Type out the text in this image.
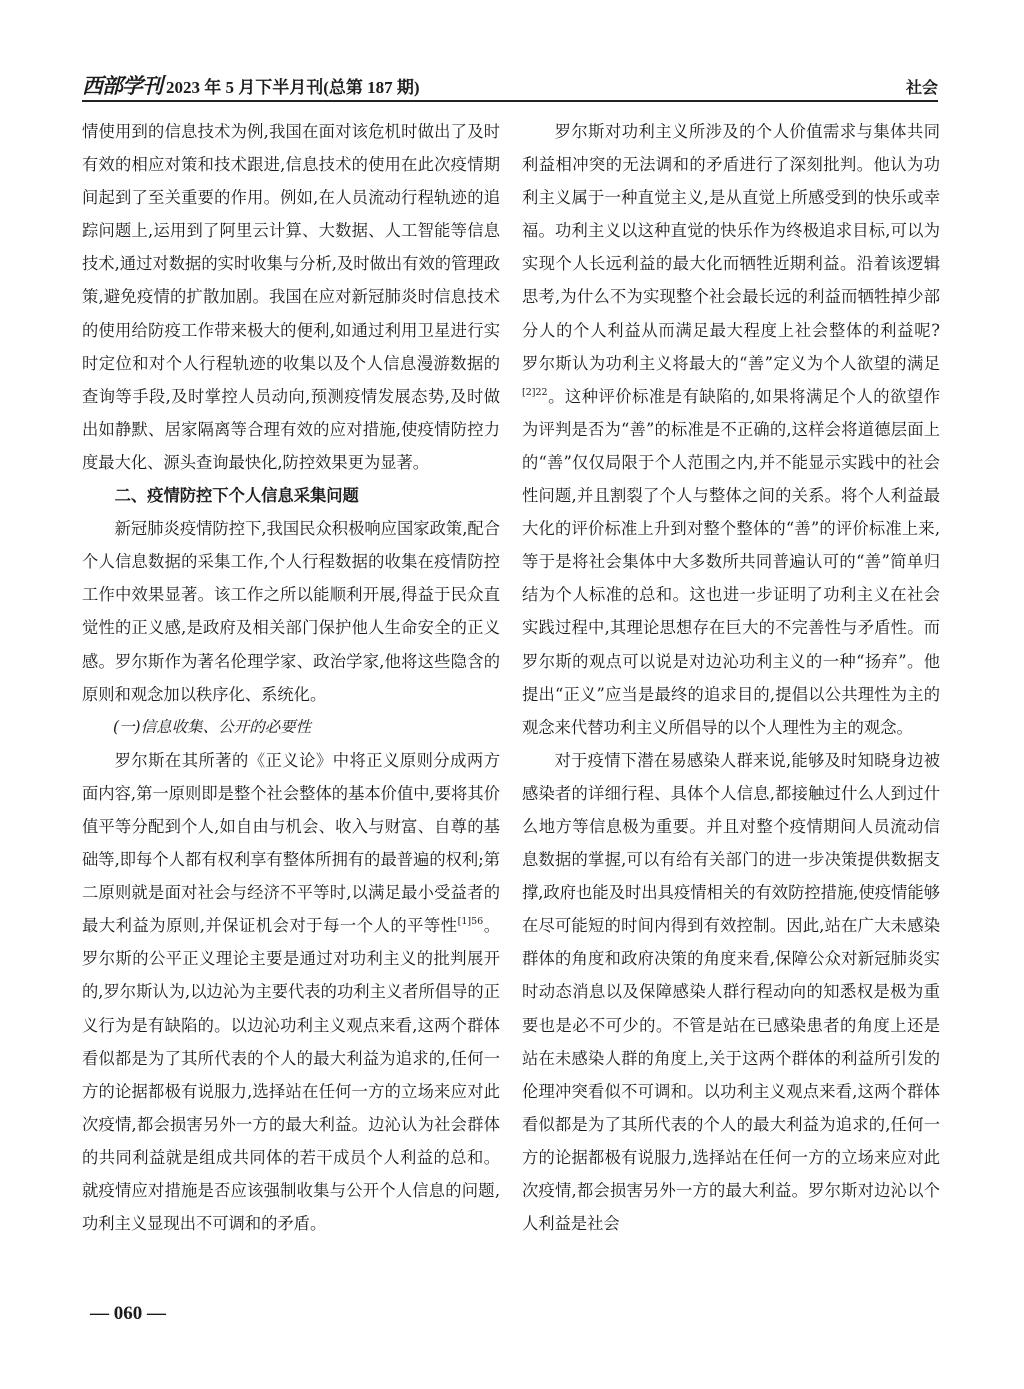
西部学刊 2023 年 5 月下半月刊(总第 187 期)	社会

情使用到的信息技术为例,我国在面对该危机时做出了及时有效的相应对策和技术跟进,信息技术的使用在此次疫情期间起到了至关重要的作用。例如,在人员流动行程轨迹的追踪问题上,运用到了阿里云计算、大数据、人工智能等信息技术,通过对数据的实时收集与分析,及时做出有效的管理政策,避免疫情的扩散加剧。我国在应对新冠肺炎时信息技术的使用给防疫工作带来极大的便利,如通过利用卫星进行实时定位和对个人行程轨迹的收集以及个人信息漫游数据的查询等手段,及时掌控人员动向,预测疫情发展态势,及时做出如静默、居家隔离等合理有效的应对措施,使疫情防控力度最大化、源头查询最快化,防控效果更为显著。

二、疫情防控下个人信息采集问题

新冠肺炎疫情防控下,我国民众积极响应国家政策,配合个人信息数据的采集工作,个人行程数据的收集在疫情防控工作中效果显著。该工作之所以能顺利开展,得益于民众直觉性的正义感,是政府及相关部门保护他人生命安全的正义感。罗尔斯作为著名伦理学家、政治学家,他将这些隐含的原则和观念加以秩序化、系统化。

(一)信息收集、公开的必要性

罗尔斯在其所著的《正义论》中将正义原则分成两方面内容,第一原则即是整个社会整体的基本价值中,要将其价值平等分配到个人,如自由与机会、收入与财富、自尊的基础等,即每个人都有权利享有整体所拥有的最普遍的权利;第二原则就是面对社会与经济不平等时,以满足最小受益者的最大利益为原则,并保证机会对于每一个人的平等性$^{[1]56}$。罗尔斯的公平正义理论主要是通过对功利主义的批判展开的,罗尔斯认为,以边沁为主要代表的功利主义者所倡导的正义行为是有缺陷的。以边沁功利主义观点来看,这两个群体看似都是为了其所代表的个人的最大利益为追求的,任何一方的论据都极有说服力,选择站在任何一方的立场来应对此次疫情,都会损害另外一方的最大利益。边沁认为社会群体的共同利益就是组成共同体的若干成员个人利益的总和。就疫情应对措施是否应该强制收集与公开个人信息的问题,功利主义显现出不可调和的矛盾。

罗尔斯对功利主义所涉及的个人价值需求与集体共同利益相冲突的无法调和的矛盾进行了深刻批判。他认为功利主义属于一种直觉主义,是从直觉上所感受到的快乐或幸福。功利主义以这种直觉的快乐作为终极追求目标,可以为实现个人长远利益的最大化而牺牲近期利益。沿着该逻辑思考,为什么不为实现整个社会最长远的利益而牺牲掉少部分人的个人利益从而满足最大程度上社会整体的利益呢? 罗尔斯认为功利主义将最大的“善”定义为个人欲望的满足$^{[2]22}$。这种评价标准是有缺陷的,如果将满足个人的欲望作为评判是否为“善”的标准是不正确的,这样会将道德层面上的“善”仅仅局限于个人范围之内,并不能显示实践中的社会性问题,并且割裂了个人与整体之间的关系。将个人利益最大化的评价标准上升到对整个整体的“善”的评价标准上来,等于是将社会集体中大多数所共同普遍认可的“善”简单归结为个人标准的总和。这也进一步证明了功利主义在社会实践过程中,其理论思想存在巨大的不完善性与矛盾性。而罗尔斯的观点可以说是对边沁功利主义的一种“扬弃”。他提出“正义”应当是最终的追求目的,提倡以公共理性为主的观念来代替功利主义所倡导的以个人理性为主的观念。

对于疫情下潜在易感染人群来说,能够及时知晓身边被感染者的详细行程、具体个人信息,都接触过什么人到过什么地方等信息极为重要。并且对整个疫情期间人员流动信息数据的掌握,可以有给有关部门的进一步决策提供数据支撑,政府也能及时出具疫情相关的有效防控措施,使疫情能够在尽可能短的时间内得到有效控制。因此,站在广大未感染群体的角度和政府决策的角度来看,保障公众对新冠肺炎实时动态消息以及保障感染人群行程动向的知悉权是极为重要也是必不可少的。不管是站在已感染患者的角度上还是站在未感染人群的角度上,关于这两个群体的利益所引发的伦理冲突看似不可调和。以功利主义观点来看,这两个群体看似都是为了其所代表的个人的最大利益为追求的,任何一方的论据都极有说服力,选择站在任何一方的立场来应对此次疫情,都会损害另外一方的最大利益。罗尔斯对边沁以个人利益是社会

— 060 —
